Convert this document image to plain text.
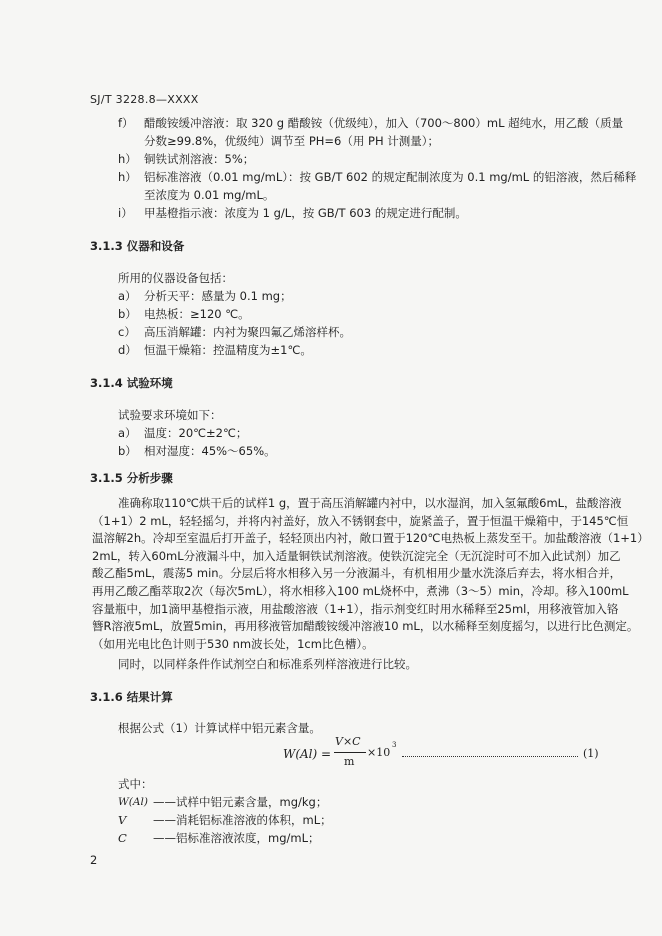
SJ/T 3228.8—XXXX
f） 醋酸铵缓冲溶液：取 320 g 醋酸铵（优级纯），加入（700～800）mL 超纯水，用乙酸（质量
分数≥99.8%，优级纯）调节至 PH=6（用 PH 计测量）；
h） 铜铁试剂溶液：5%；
h） 铝标准溶液（0.01 mg/mL）：按 GB/T 602 的规定配制浓度为 0.1 mg/mL 的铝溶液，然后稀释
至浓度为 0.01 mg/mL。
i） 甲基橙指示液：浓度为 1 g/L，按 GB/T 603 的规定进行配制。
3.1.3 仪器和设备
所用的仪器设备包括：
a） 分析天平：感量为 0.1 mg；
b） 电热板：≥120 ℃。
c） 高压消解罐：内衬为聚四氟乙烯溶样杯。
d） 恒温干燥箱：控温精度为±1℃。
3.1.4 试验环境
试验要求环境如下：
a） 温度：20℃±2℃；
b） 相对湿度：45%～65%。
3.1.5 分析步骤
准确称取110℃烘干后的试样1 g，置于高压消解罐内衬中，以水湿润，加入氢氟酸6mL，盐酸溶液
（1+1）2 mL，轻轻摇匀，并将内衬盖好，放入不锈钢套中，旋紧盖子，置于恒温干燥箱中，于145℃恒
温溶解2h。冷却至室温后打开盖子，轻轻顶出内衬，敞口置于120℃电热板上蒸发至干。加盐酸溶液（1+1）
2mL，转入60mL分液漏斗中，加入适量铜铁试剂溶液。使铁沉淀完全（无沉淀时可不加入此试剂）加乙
酸乙酯5mL，震荡5 min。分层后将水相移入另一分液漏斗，有机相用少量水洗涤后弃去，将水相合并，
再用乙酸乙酯萃取2次（每次5mL），将水相移入100 mL烧杯中，煮沸（3～5）min，冷却。移入100mL
容量瓶中，加1滴甲基橙指示液，用盐酸溶液（1+1），指示剂变红时用水稀释至25ml，用移液管加入铬
簪R溶液5mL，放置5min，再用移液管加醋酸铵缓冲溶液10 mL，以水稀释至刻度摇匀，以进行比色测定。
（如用光电比色计则于530 nm波长处，1cm比色槽）。
同时，以同样条件作试剂空白和标准系列样溶液进行比较。
3.1.6 结果计算
根据公式（1）计算试样中铝元素含量。
W(Al) =
V×C
m
×10
3
(1)
式中：
W(Al) ——试样中铝元素含量，mg/kg；
V ——消耗铝标准溶液的体积，mL；
C ——铝标准溶液浓度，mg/mL；
2
